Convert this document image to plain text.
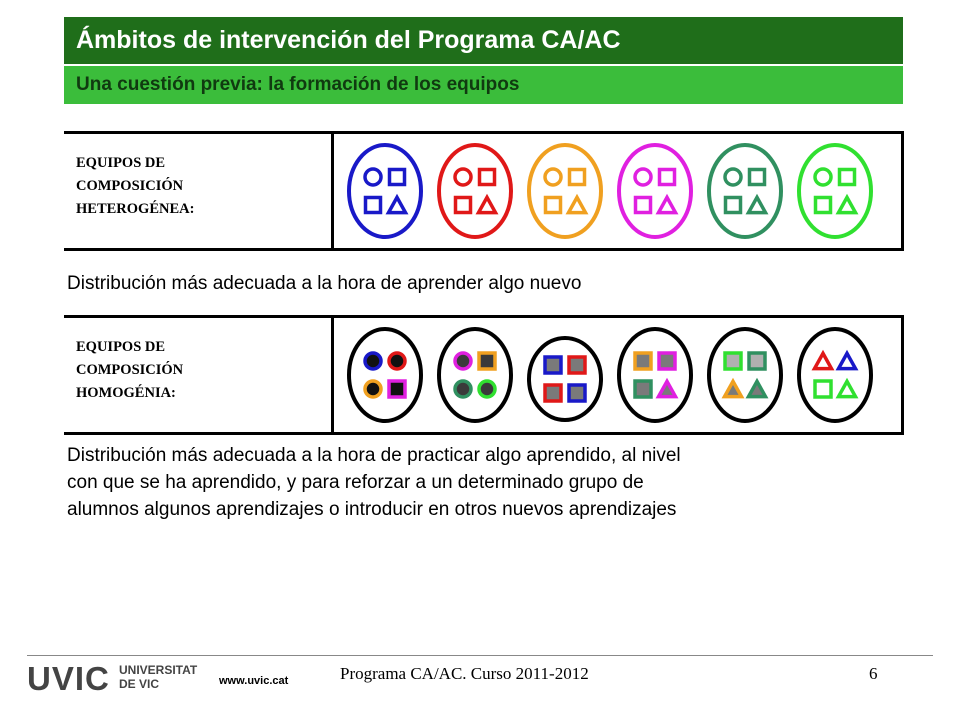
Ámbitos de intervención del Programa CA/AC
Una cuestión previa: la formación de los equipos
EQUIPOS DE
COMPOSICIÓN
HETEROGÉNEA:
Distribución más adecuada a la hora de aprender algo nuevo
EQUIPOS DE
COMPOSICIÓN
HOMOGÉNIA:
Distribución más adecuada a la hora de practicar algo aprendido, al nivel
con que se ha aprendido, y para reforzar a un determinado grupo de
alumnos algunos aprendizajes o introducir en otros nuevos aprendizajes
UVIC UNIVERSITAT
DE VIC	www.uvic.cat	Programa CA/AC. Curso 2011-2012	6
